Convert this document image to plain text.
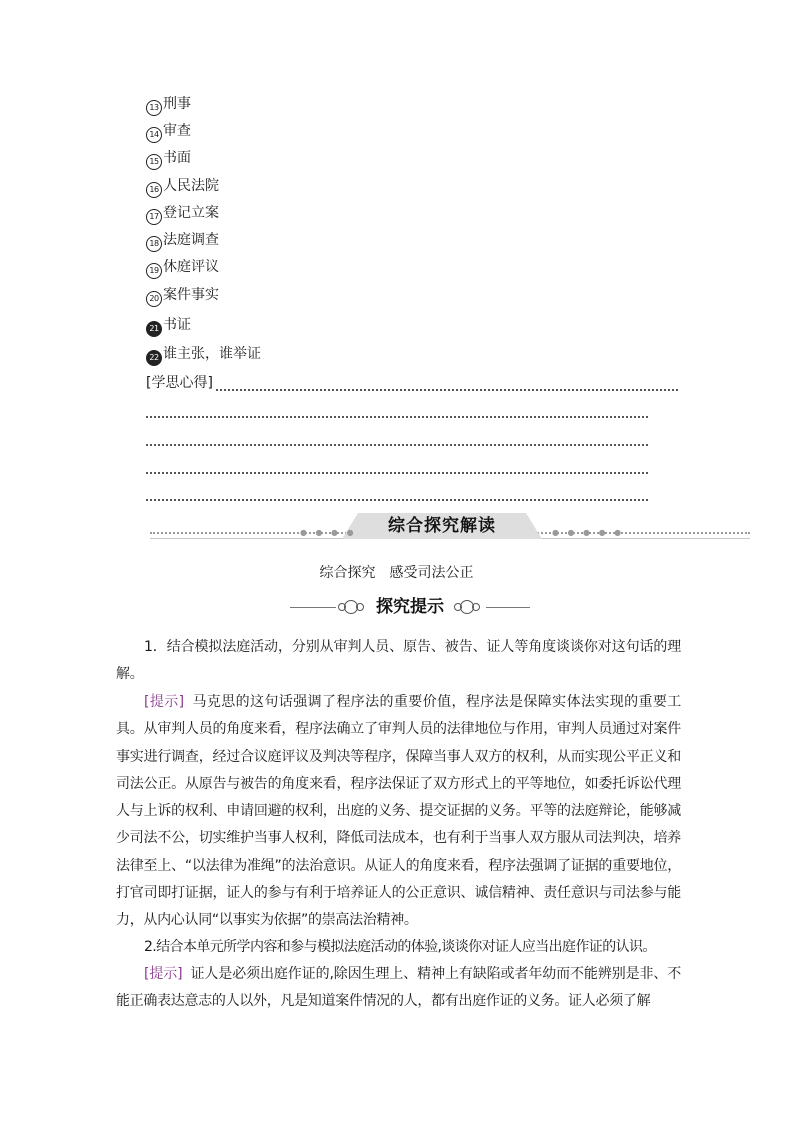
13 刑事
14 审查
15 书面
16 人民法院
17 登记立案
18 法庭调查
19 休庭评议
20 案件事实
21 书证
22 谁主张，谁举证
[学思心得]
综合探究解读
● ● ● ●	● ● ● ● ●
综合探究　感受司法公正
探究提示
1．结合模拟法庭活动，分别从审判人员、原告、被告、证人等角度谈谈你对这句话的理解。
[提示] 马克思的这句话强调了程序法的重要价值，程序法是保障实体法实现的重要工具。从审判人员的角度来看，程序法确立了审判人员的法律地位与作用，审判人员通过对案件事实进行调查，经过合议庭评议及判决等程序，保障当事人双方的权利，从而实现公平正义和司法公正。从原告与被告的角度来看，程序法保证了双方形式上的平等地位，如委托诉讼代理人与上诉的权利、申请回避的权利，出庭的义务、提交证据的义务。平等的法庭辩论，能够减少司法不公，切实维护当事人权利，降低司法成本，也有利于当事人双方服从司法判决，培养法律至上、“以法律为准绳”的法治意识。从证人的角度来看，程序法强调了证据的重要地位，打官司即打证据，证人的参与有利于培养证人的公正意识、诚信精神、责任意识与司法参与能力，从内心认同“以事实为依据”的崇高法治精神。
2.结合本单元所学内容和参与模拟法庭活动的体验,谈谈你对证人应当出庭作证的认识。
[提示] 证人是必须出庭作证的,除因生理上、精神上有缺陷或者年幼而不能辨别是非、不能正确表达意志的人以外，凡是知道案件情况的人，都有出庭作证的义务。证人必须了解
